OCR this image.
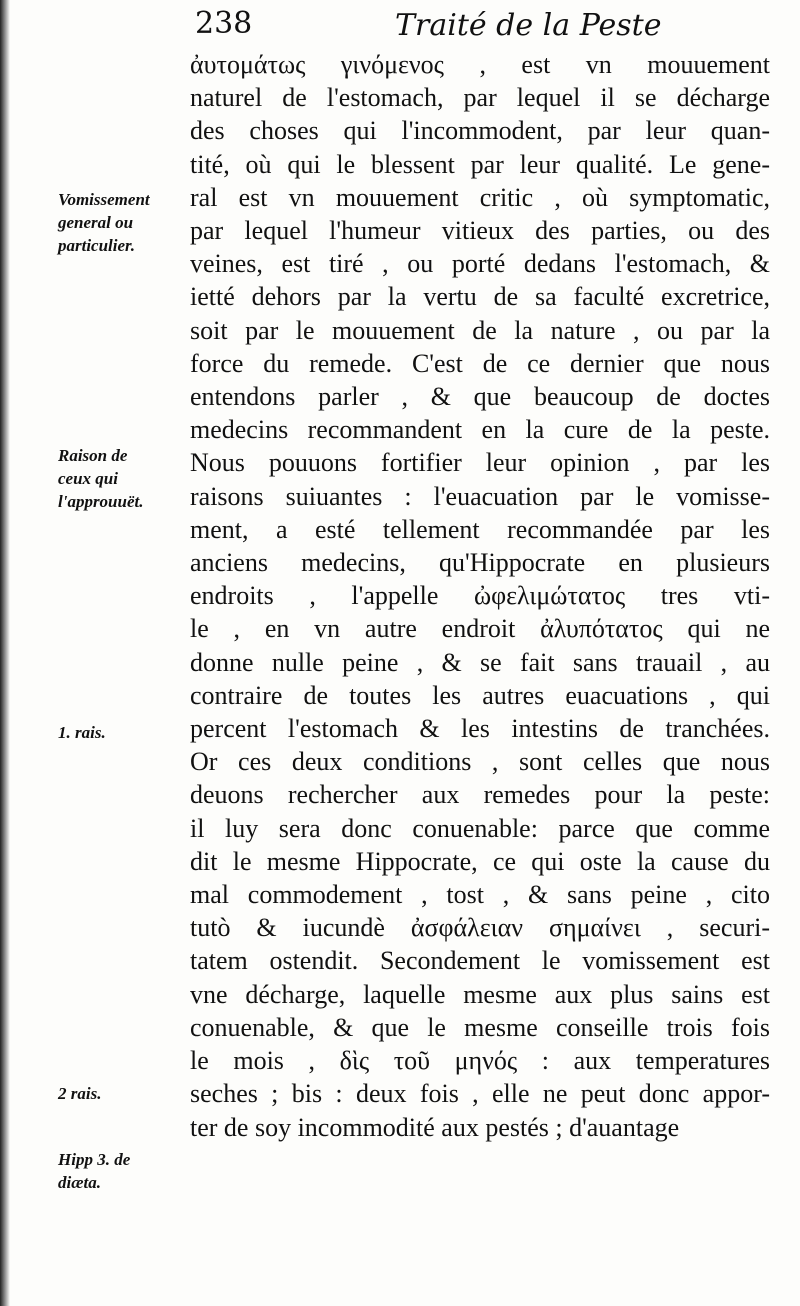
238	Traité de la Peste
Vomissement
general ou
particulier.
Raison de
ceux qui
l'approuuët.
1. rais.
2 rais.
Hipp 3. de
diæta.
ἀυτομάτως γινόμενος , est vn mouuement
naturel de l'estomach, par lequel il se décharge
des choses qui l'incommodent, par leur quan-
tité, où qui le blessent par leur qualité. Le gene-
ral est vn mouuement critic , où symptomatic,
par lequel l'humeur vitieux des parties, ou des
veines, est tiré , ou porté dedans l'estomach, &
ietté dehors par la vertu de sa faculté excretrice,
soit par le mouuement de la nature , ou par la
force du remede. C'est de ce dernier que nous
entendons parler , & que beaucoup de doctes
medecins recommandent en la cure de la peste.
Nous pouuons fortifier leur opinion , par les
raisons suiuantes : l'euacuation par le vomisse-
ment, a esté tellement recommandée par les
anciens medecins, qu'Hippocrate en plusieurs
endroits , l'appelle ὠφελιμώτατος tres vti-
le , en vn autre endroit ἀλυπότατος qui ne
donne nulle peine , & se fait sans trauail , au
contraire de toutes les autres euacuations , qui
percent l'estomach & les intestins de tranchées.
Or ces deux conditions , sont celles que nous
deuons rechercher aux remedes pour la peste:
il luy sera donc conuenable: parce que comme
dit le mesme Hippocrate, ce qui oste la cause du
mal commodement , tost , & sans peine , cito
tutò & iucundè ἀσφάλειαν σημαίνει , securi-
tatem ostendit. Secondement le vomissement est
vne décharge, laquelle mesme aux plus sains est
conuenable, & que le mesme conseille trois fois
le mois , δὶς τοῦ μηνός : aux temperatures
seches ; bis : deux fois , elle ne peut donc appor-
ter de soy incommodité aux pestés ; d'auantage
